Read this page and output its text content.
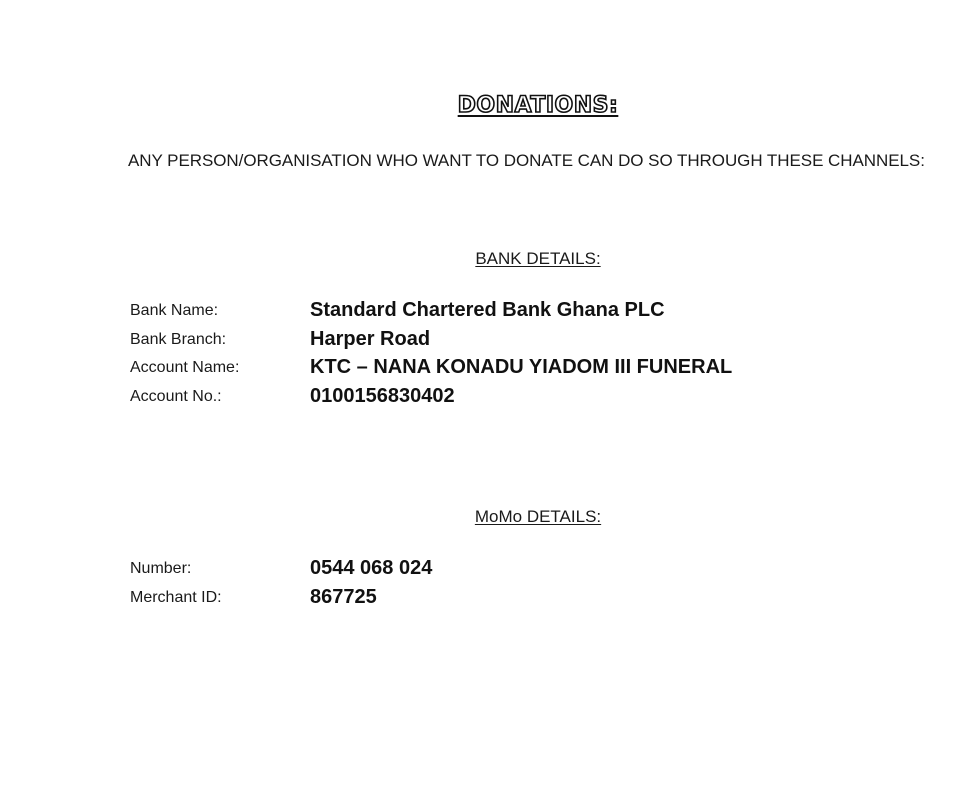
DONATIONS:
ANY PERSON/ORGANISATION WHO WANT TO DONATE CAN DO SO THROUGH THESE CHANNELS:
BANK DETAILS:
Bank Name:	Standard Chartered Bank Ghana PLC
Bank Branch:	Harper Road
Account Name:	KTC – NANA KONADU YIADOM III FUNERAL
Account No.:	0100156830402
MoMo DETAILS:
Number:	0544 068 024
Merchant ID:	867725
